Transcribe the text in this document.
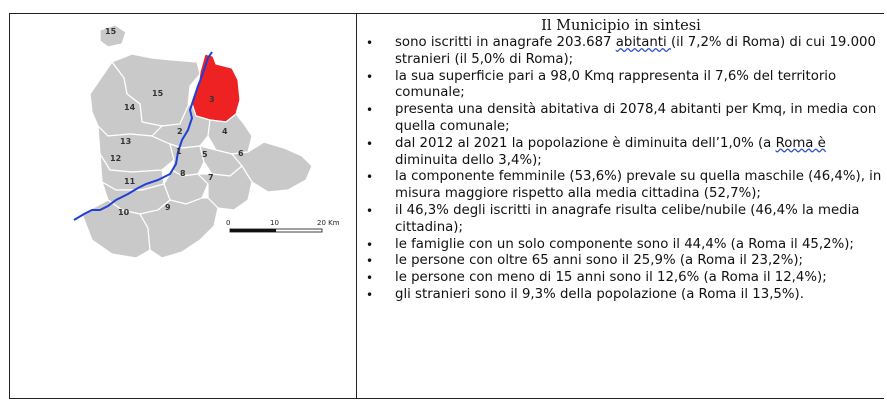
15
15
14
3
13
2	4
12
1	5	6
8	7
11
10
9
0	10	20 Km
Il Municipio in sintesi
• sono iscritti in anagrafe 203.687 abitanti (il 7,2% di Roma) di cui 19.000 stranieri (il 5,0% di Roma);
• la sua superficie pari a 98,0 Kmq rappresenta il 7,6% del territorio comunale;
• presenta una densità abitativa di 2078,4 abitanti per Kmq, in media con quella comunale;
• dal 2012 al 2021 la popolazione è diminuita dell’1,0% (a Roma è diminuita dello 3,4%);
• la componente femminile (53,6%) prevale su quella maschile (46,4%), in misura maggiore rispetto alla media cittadina (52,7%);
• il 46,3% degli iscritti in anagrafe risulta celibe/nubile (46,4% la media cittadina);
• le famiglie con un solo componente sono il 44,4% (a Roma il 45,2%);
• le persone con oltre 65 anni sono il 25,9% (a Roma il 23,2%);
• le persone con meno di 15 anni sono il 12,6% (a Roma il 12,4%);
• gli stranieri sono il 9,3% della popolazione (a Roma il 13,5%).
